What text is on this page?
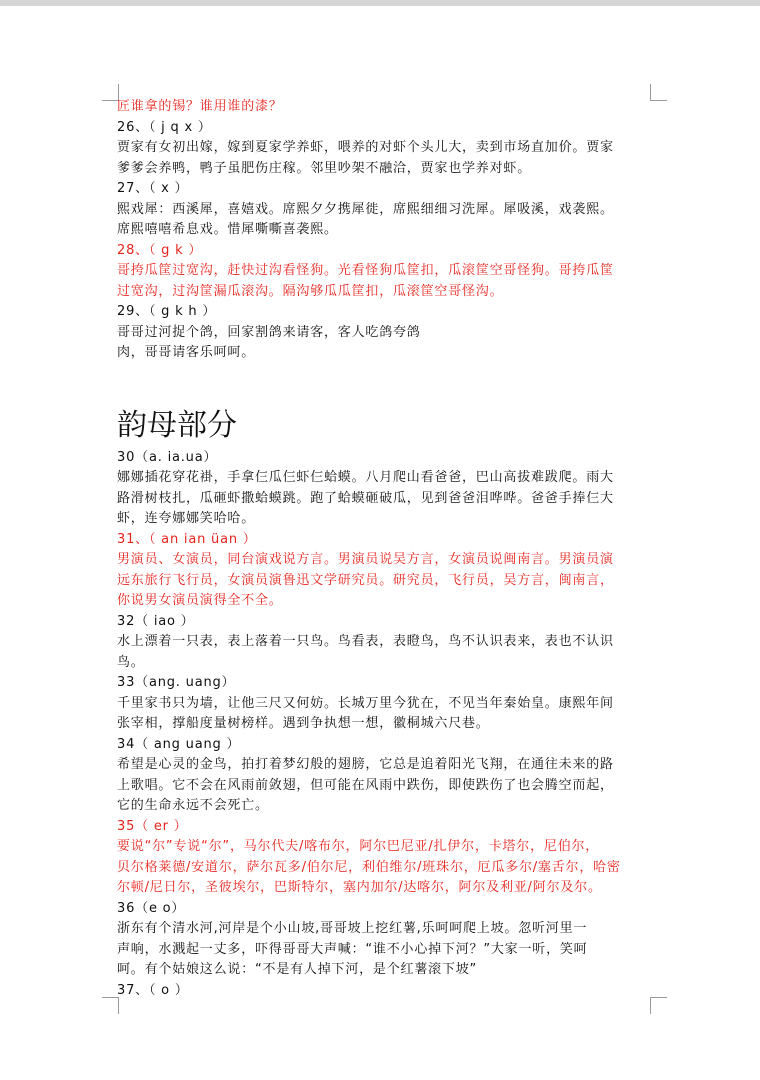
匠谁拿的锡？谁用谁的漆？
26、（ j q x ）
贾家有女初出嫁，嫁到夏家学养虾，喂养的对虾个头儿大，卖到市场直加价。贾家
爹爹会养鸭，鸭子虽肥伤庄稼。邻里吵架不融洽，贾家也学养对虾。
27、（ x ）
熙戏犀：西溪犀，喜嬉戏。席熙夕夕携犀徙，席熙细细习洗犀。犀吸溪，戏袭熙。
席熙嘻嘻希息戏。惜犀嘶嘶喜袭熙。
28、（ g k ）
哥挎瓜筐过宽沟，赶快过沟看怪狗。光看怪狗瓜筐扣，瓜滚筐空哥怪狗。哥挎瓜筐
过宽沟，过沟筐漏瓜滚沟。隔沟够瓜瓜筐扣，瓜滚筐空哥怪沟。
29、（ g k h ）
哥哥过河捉个鸽，回家割鸽来请客，客人吃鸽夸鸽
肉，哥哥请客乐呵呵。
韵母部分
30（a. ia.ua）
娜娜插花穿花褂，手拿仨瓜仨虾仨蛤蟆。八月爬山看爸爸，巴山高拔难跋爬。雨大
路滑树枝扎，瓜砸虾撒蛤蟆跳。跑了蛤蟆砸破瓜，见到爸爸泪哗哗。爸爸手捧仨大
虾，连夸娜娜笑哈哈。
31、（ an ian üan ）
男演员、女演员，同台演戏说方言。男演员说吴方言，女演员说闽南言。男演员演
远东旅行飞行员，女演员演鲁迅文学研究员。研究员，飞行员，吴方言，闽南言，
你说男女演员演得全不全。
32（ iao ）
水上漂着一只表，表上落着一只鸟。鸟看表，表瞪鸟，鸟不认识表来，表也不认识
鸟。
33（ang. uang）
千里家书只为墙，让他三尺又何妨。长城万里今犹在，不见当年秦始皇。康熙年间
张宰相，撑船度量树榜样。遇到争执想一想，徽桐城六尺巷。
34（ ang uang ）
希望是心灵的金鸟，拍打着梦幻般的翅膀，它总是追着阳光飞翔，在通往未来的路
上歌唱。它不会在风雨前敛翅，但可能在风雨中跌伤，即使跌伤了也会腾空而起，
它的生命永远不会死亡。
35（ er ）
要说“尔”专说“尔”，马尔代夫/喀布尔，阿尔巴尼亚/扎伊尔，卡塔尔，尼伯尔，
贝尔格莱德/安道尔，萨尔瓦多/伯尔尼，利伯维尔/班珠尔，厄瓜多尔/塞舌尔，哈密
尔顿/尼日尔，圣彼埃尔，巴斯特尔，塞内加尔/达喀尔，阿尔及利亚/阿尔及尔。
36（e o）
浙东有个清水河,河岸是个小山坡,哥哥坡上挖红薯,乐呵呵爬上坡。忽听河里一
声响，水溅起一丈多，吓得哥哥大声喊：“谁不小心掉下河？”大家一听，笑呵
呵。有个姑娘这么说：“不是有人掉下河，是个红薯滚下坡”
37、（ o ）
